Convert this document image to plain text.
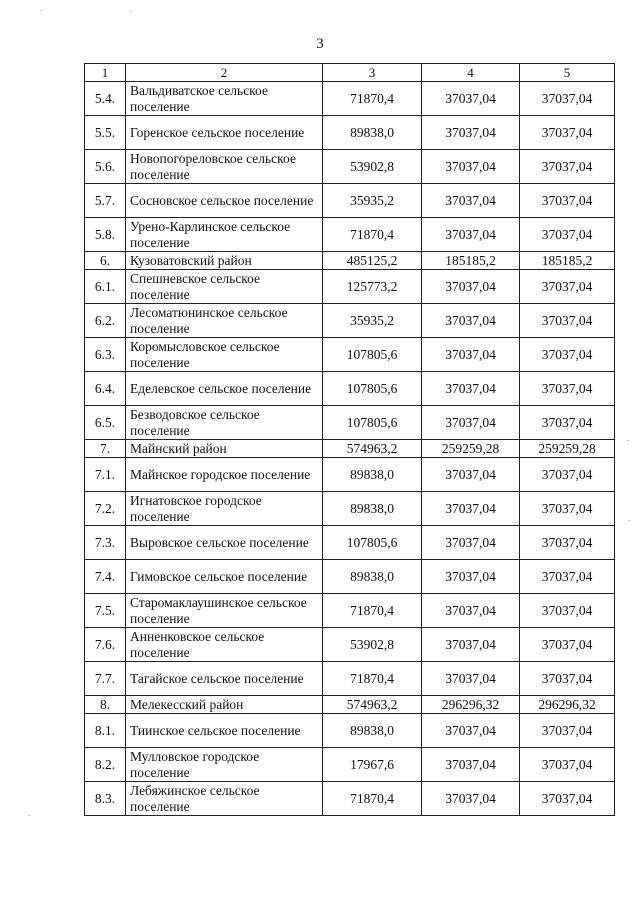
3
1	2	3	4	5
5.4.	Вальдиватское сельское поселение	71870,4	37037,04	37037,04
5.5.	Горенское сельское поселение	89838,0	37037,04	37037,04
5.6.	Новопогореловское сельское поселение	53902,8	37037,04	37037,04
5.7.	Сосновское сельское поселение	35935,2	37037,04	37037,04
5.8.	Урено-Карлинское сельское поселение	71870,4	37037,04	37037,04
6.	Кузоватовский район	485125,2	185185,2	185185,2
6.1.	Спешневское сельское поселение	125773,2	37037,04	37037,04
6.2.	Лесоматюнинское сельское поселение	35935,2	37037,04	37037,04
6.3.	Коромысловское сельское поселение	107805,6	37037,04	37037,04
6.4.	Еделевское сельское поселение	107805,6	37037,04	37037,04
6.5.	Безводовское сельское поселение	107805,6	37037,04	37037,04
7.	Майнский район	574963,2	259259,28	259259,28
7.1.	Майнское городское поселение	89838,0	37037,04	37037,04
7.2.	Игнатовское городское поселение	89838,0	37037,04	37037,04
7.3.	Выровское сельское поселение	107805,6	37037,04	37037,04
7.4.	Гимовское сельское поселение	89838,0	37037,04	37037,04
7.5.	Старомаклаушинское сельское поселение	71870,4	37037,04	37037,04
7.6.	Анненковское сельское поселение	53902,8	37037,04	37037,04
7.7.	Тагайское сельское поселение	71870,4	37037,04	37037,04
8.	Мелекесский район	574963,2	296296,32	296296,32
8.1.	Тиинское сельское поселение	89838,0	37037,04	37037,04
8.2.	Мулловское городское поселение	17967,6	37037,04	37037,04
8.3.	Лебяжинское сельское поселение	71870,4	37037,04	37037,04
